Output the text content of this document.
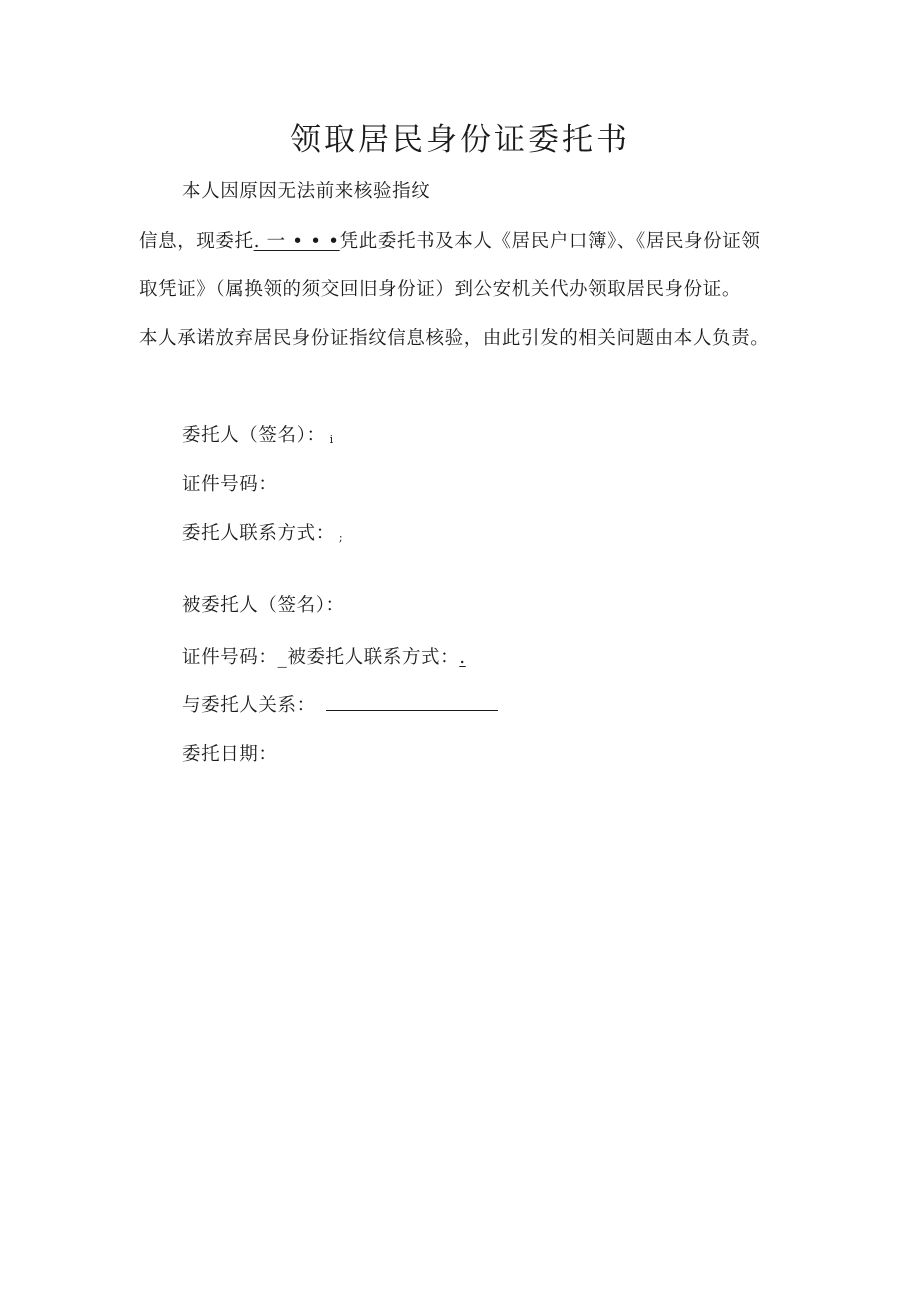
领取居民身份证委托书
本人因原因无法前来核验指纹
信息，现委托. 一 • • •凭此委托书及本人《居民户口簿》、《居民身份证领
取凭证》（属换领的须交回旧身份证）到公安机关代办领取居民身份证。
本人承诺放弃居民身份证指纹信息核验，由此引发的相关问题由本人负责。
委托人（签名）： i
证件号码：
委托人联系方式： ;
被委托人（签名）：
证件号码：_被委托人联系方式：.
与委托人关系：
委托日期：
